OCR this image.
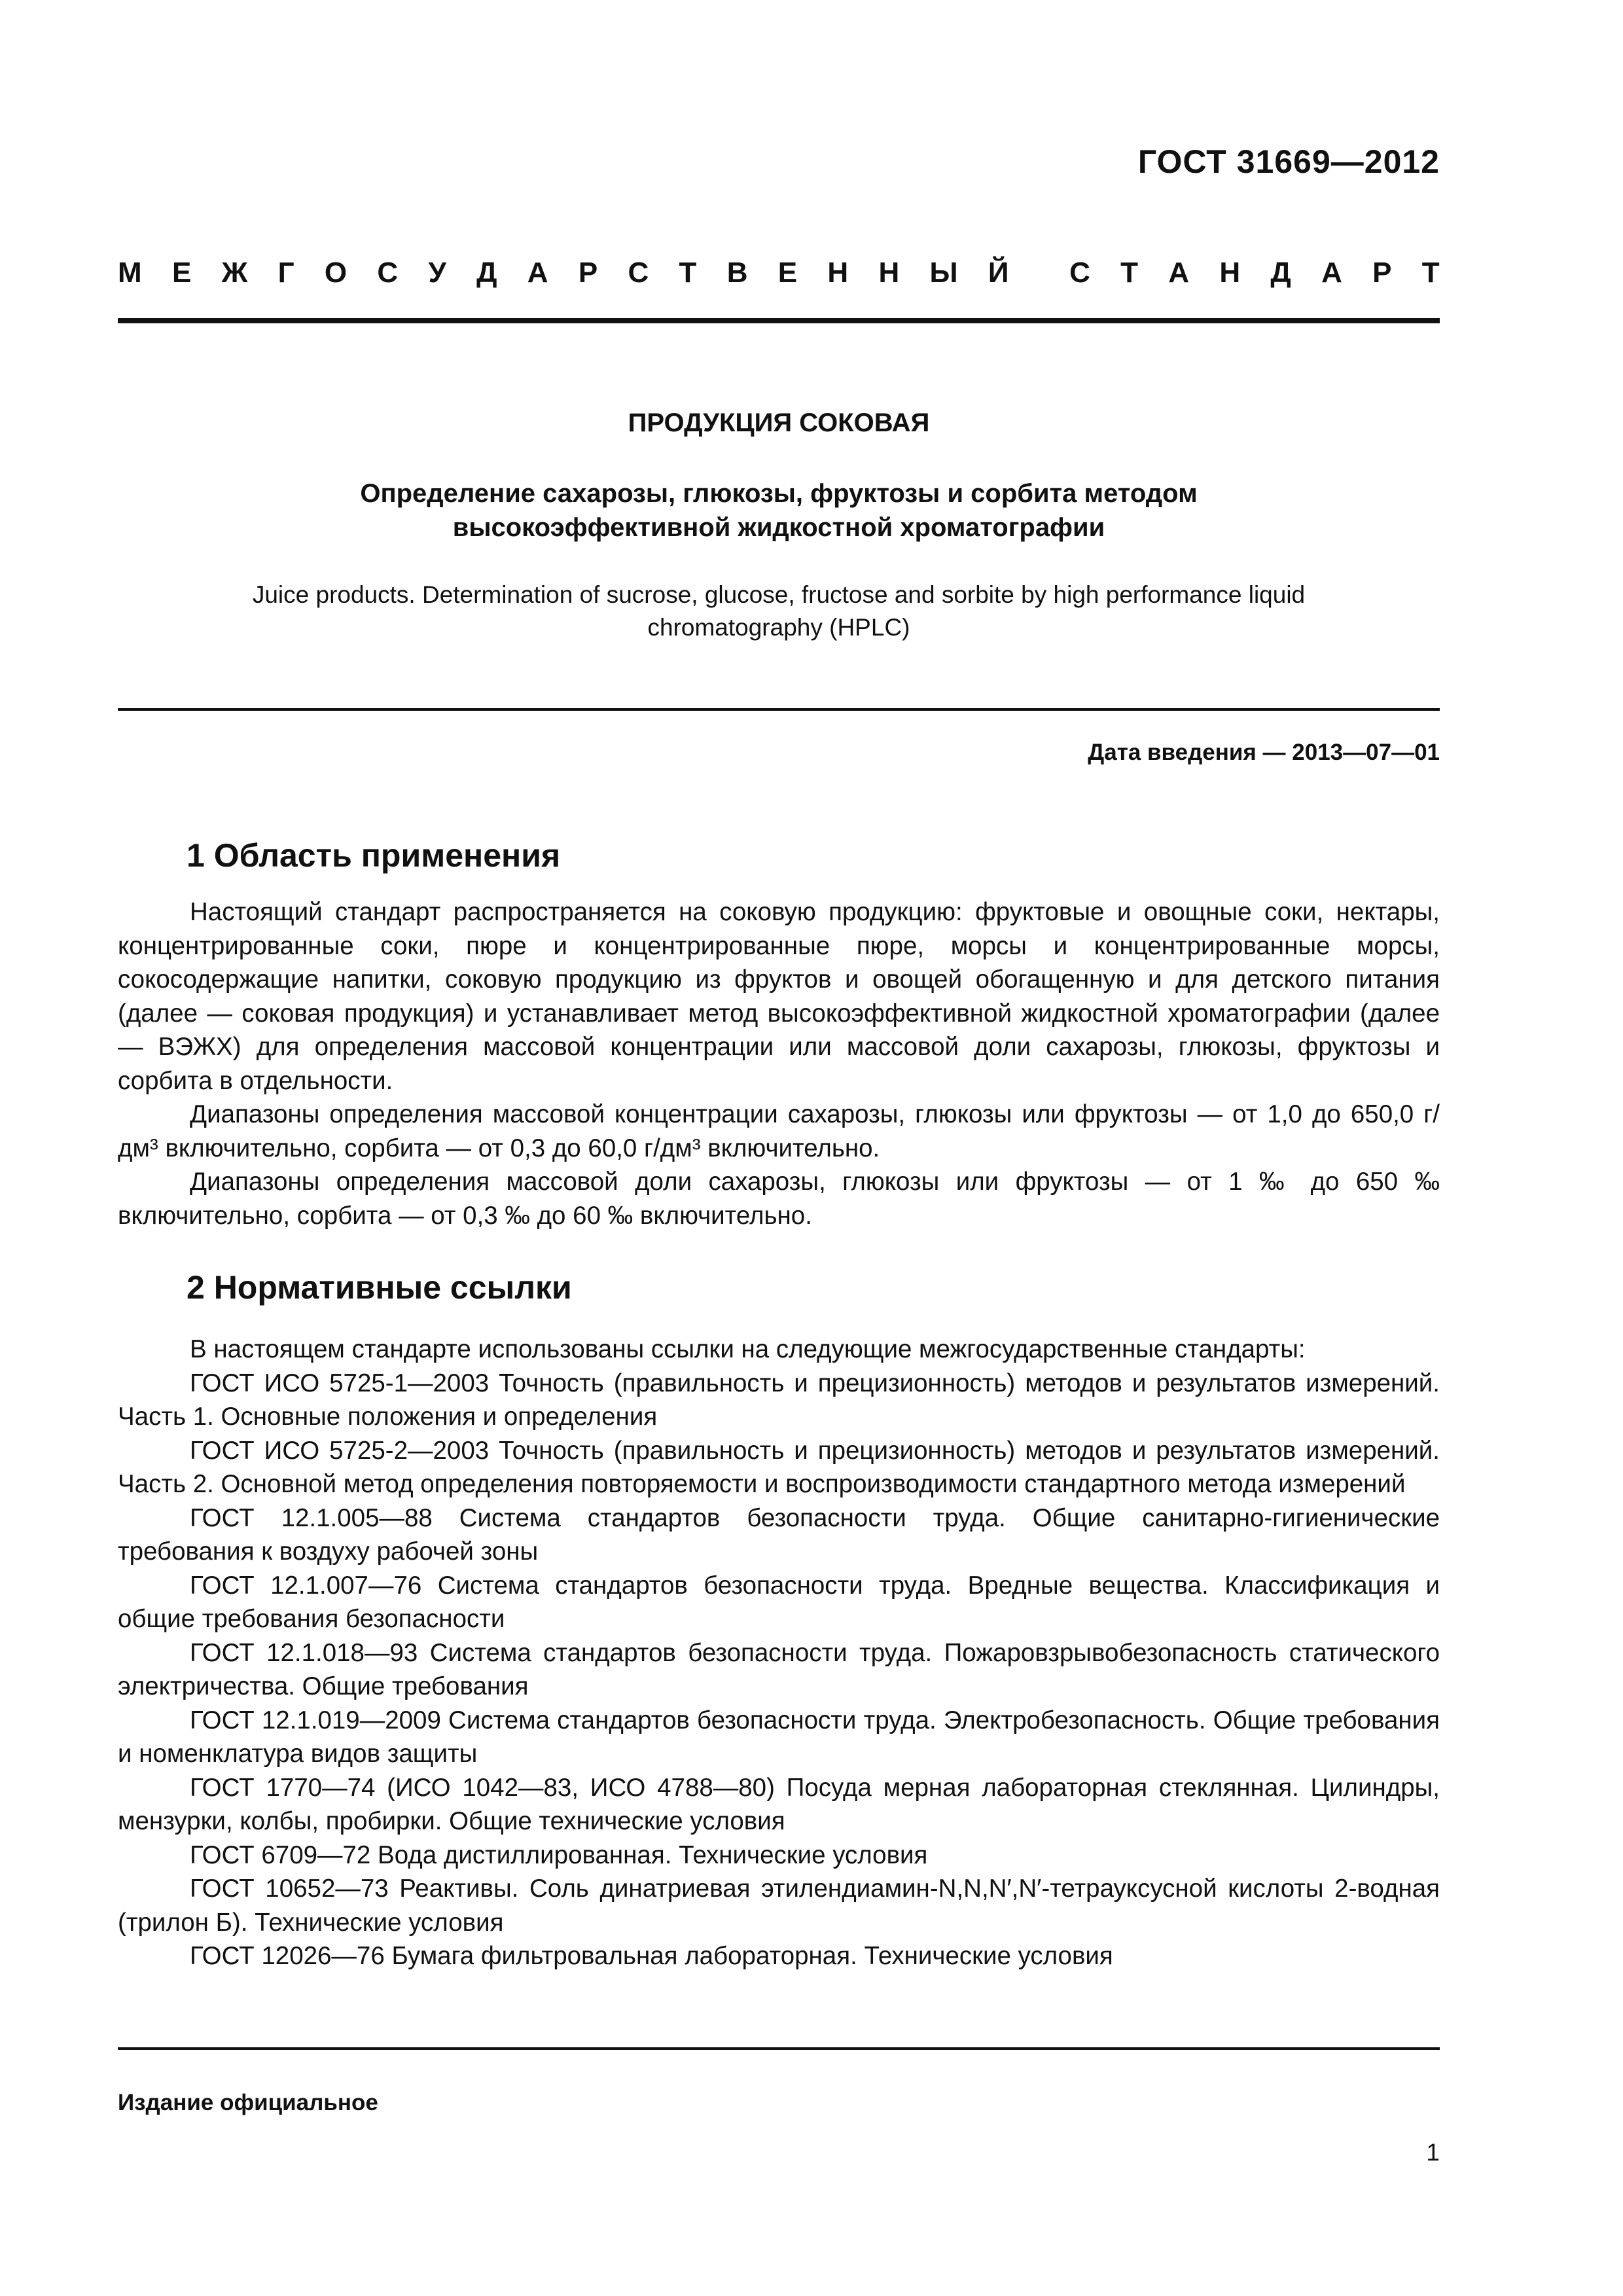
ГОСТ 31669—2012
М Е Ж Г О С У Д А Р С Т В Е Н Н Ы Й С Т А Н Д А Р Т
ПРОДУКЦИЯ СОКОВАЯ
Определение сахарозы, глюкозы, фруктозы и сорбита методом
высокоэффективной жидкостной хроматографии
Juice products. Determination of sucrose, glucose, fructose and sorbite by high performance liquid
chromatography (HPLC)
Дата введения — 2013—07—01
1 Область применения

Настоящий стандарт распространяется на соковую продукцию: фруктовые и овощные соки, нектары, концентрированные соки, пюре и концентрированные пюре, морсы и концентрированные морсы, сокосодержащие напитки, соковую продукцию из фруктов и овощей обогащенную и для детского питания (далее — соковая продукция) и устанавливает метод высокоэффективной жидкостной хроматографии (далее — ВЭЖХ) для определения массовой концентрации или массовой доли сахарозы, глюкозы, фруктозы и сорбита в отдельности.

Диапазоны определения массовой концентрации сахарозы, глюкозы или фруктозы — от 1,0 до 650,0 г/дм³ включительно, сорбита — от 0,3 до 60,0 г/дм³ включительно.

Диапазоны определения массовой доли сахарозы, глюкозы или фруктозы — от 1 ‰ до 650 ‰ включительно, сорбита — от 0,3 ‰ до 60 ‰ включительно.

2 Нормативные ссылки

В настоящем стандарте использованы ссылки на следующие межгосударственные стандарты:

ГОСТ ИСО 5725-1—2003 Точность (правильность и прецизионность) методов и результатов измерений. Часть 1. Основные положения и определения

ГОСТ ИСО 5725-2—2003 Точность (правильность и прецизионность) методов и результатов измерений. Часть 2. Основной метод определения повторяемости и воспроизводимости стандартного метода измерений

ГОСТ 12.1.005—88 Система стандартов безопасности труда. Общие санитарно-гигиенические требования к воздуху рабочей зоны

ГОСТ 12.1.007—76 Система стандартов безопасности труда. Вредные вещества. Классификация и общие требования безопасности

ГОСТ 12.1.018—93 Система стандартов безопасности труда. Пожаровзрывобезопасность статического электричества. Общие требования

ГОСТ 12.1.019—2009 Система стандартов безопасности труда. Электробезопасность. Общие требования и номенклатура видов защиты

ГОСТ 1770—74 (ИСО 1042—83, ИСО 4788—80) Посуда мерная лабораторная стеклянная. Цилиндры, мензурки, колбы, пробирки. Общие технические условия

ГОСТ 6709—72 Вода дистиллированная. Технические условия

ГОСТ 10652—73 Реактивы. Соль динатриевая этилендиамин-N,N,N′,N′-тетрауксусной кислоты 2-водная (трилон Б). Технические условия

ГОСТ 12026—76 Бумага фильтровальная лабораторная. Технические условия

Издание официальное
1
